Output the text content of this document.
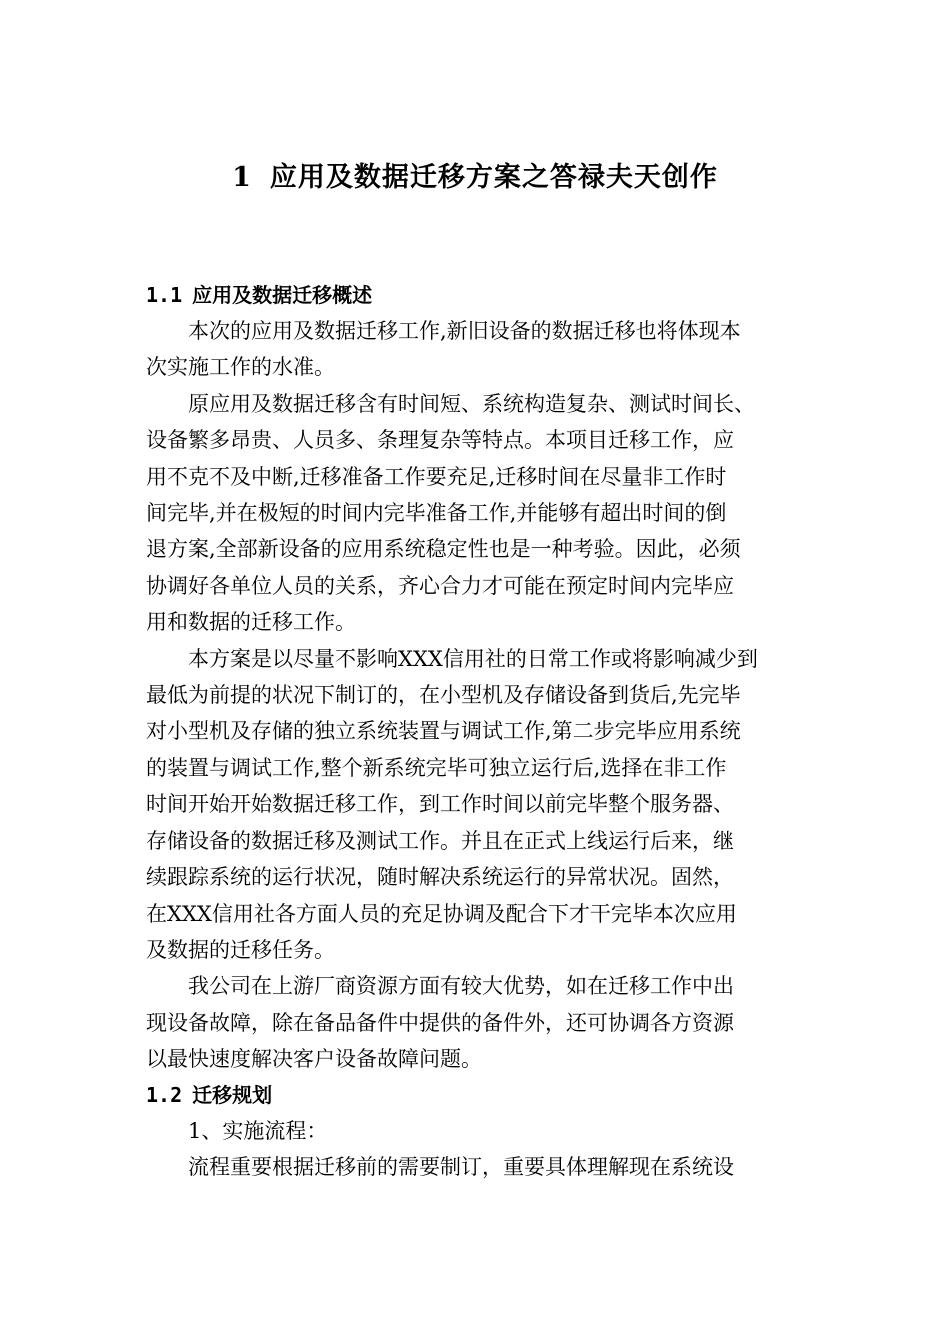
1 应用及数据迁移方案之答禄夫天创作
1.1 应用及数据迁移概述

本次的应用及数据迁移工作,新旧设备的数据迁移也将体现本
次实施工作的水准。

原应用及数据迁移含有时间短、系统构造复杂、测试时间长、
设备繁多昂贵、人员多、条理复杂等特点。本项目迁移工作，应
用不克不及中断,迁移准备工作要充足,迁移时间在尽量非工作时
间完毕,并在极短的时间内完毕准备工作,并能够有超出时间的倒
退方案,全部新设备的应用系统稳定性也是一种考验。因此，必须
协调好各单位人员的关系，齐心合力才可能在预定时间内完毕应
用和数据的迁移工作。

本方案是以尽量不影响XXX信用社的日常工作或将影响减少到
最低为前提的状况下制订的，在小型机及存储设备到货后,先完毕
对小型机及存储的独立系统装置与调试工作,第二步完毕应用系统
的装置与调试工作,整个新系统完毕可独立运行后,选择在非工作
时间开始开始数据迁移工作，到工作时间以前完毕整个服务器、
存储设备的数据迁移及测试工作。并且在正式上线运行后来，继
续跟踪系统的运行状况，随时解决系统运行的异常状况。固然，
在XXX信用社各方面人员的充足协调及配合下才干完毕本次应用
及数据的迁移任务。

我公司在上游厂商资源方面有较大优势，如在迁移工作中出
现设备故障，除在备品备件中提供的备件外，还可协调各方资源
以最快速度解决客户设备故障问题。

1.2 迁移规划

1、实施流程：

流程重要根据迁移前的需要制订，重要具体理解现在系统设
